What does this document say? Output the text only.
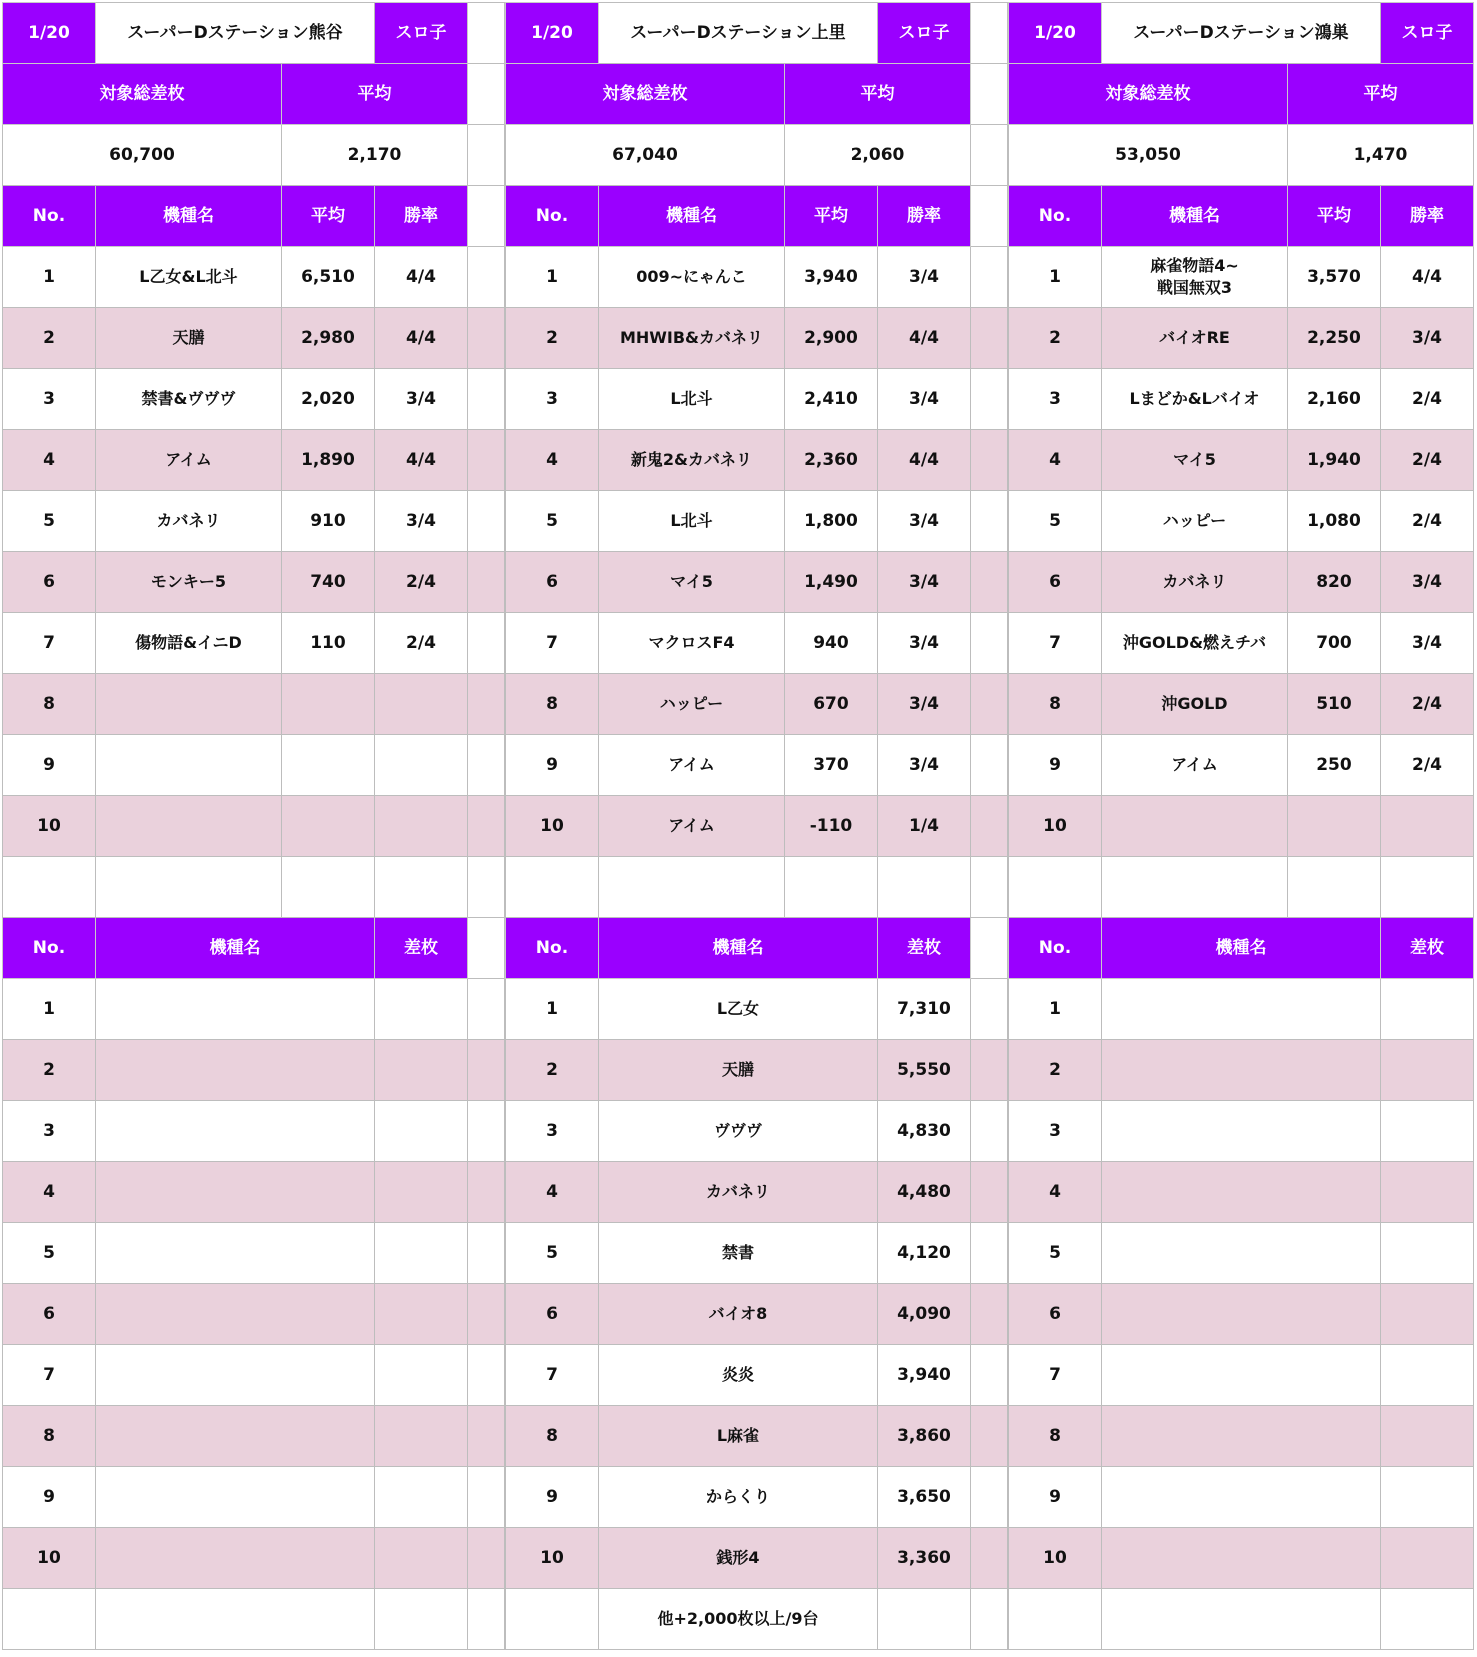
1/20	スーパーDステーション熊谷		スロ子
対象総差枚		平均	
60,700		2,170	
No.	機種名	平均	勝率
1	L乙女&L北斗	6,510	4/4
2	天膳	2,980	4/4
3	禁書&ヴヴヴ	2,020	3/4
4	アイム	1,890	4/4
5	カバネリ	910	3/4
6	モンキー5	740	2/4
7	傷物語&イニD	110	2/4
8			
9			
10			

No.	機種名		差枚
1			
2			
3			
4			
5			
6			
7			
8			
9			
10			

1/20	スーパーDステーション上里		スロ子
対象総差枚		平均	
67,040		2,060	
No.	機種名	平均	勝率
1	009~にゃんこ	3,940	3/4
2	MHWIB&カバネリ	2,900	4/4
3	L北斗	2,410	3/4
4	新鬼2&カバネリ	2,360	4/4
5	L北斗	1,800	3/4
6	マイ5	1,490	3/4
7	マクロスF4	940	3/4
8	ハッピー	670	3/4
9	アイム	370	3/4
10	アイム	-110	1/4

No.	機種名		差枚
1	L乙女		7,310
2	天膳		5,550
3	ヴヴヴ		4,830
4	カバネリ		4,480
5	禁書		4,120
6	バイオ8		4,090
7	炎炎		3,940
8	L麻雀		3,860
9	からくり		3,650
10	銭形4		3,360
	他+2,000枚以上/9台		
1/20	スーパーDステーション鴻巣		スロ子
対象総差枚		平均	
53,050		1,470	
No.	機種名	平均	勝率
1	麻雀物語4~
戦国無双3	3,570	4/4
2	バイオRE	2,250	3/4
3	Lまどか&Lバイオ	2,160	2/4
4	マイ5	1,940	2/4
5	ハッピー	1,080	2/4
6	カバネリ	820	3/4
7	沖GOLD&燃えチバ	700	3/4
8	沖GOLD	510	2/4
9	アイム	250	2/4
10			

No.	機種名		差枚
1			
2			
3			
4			
5			
6			
7			
8			
9			
10			
